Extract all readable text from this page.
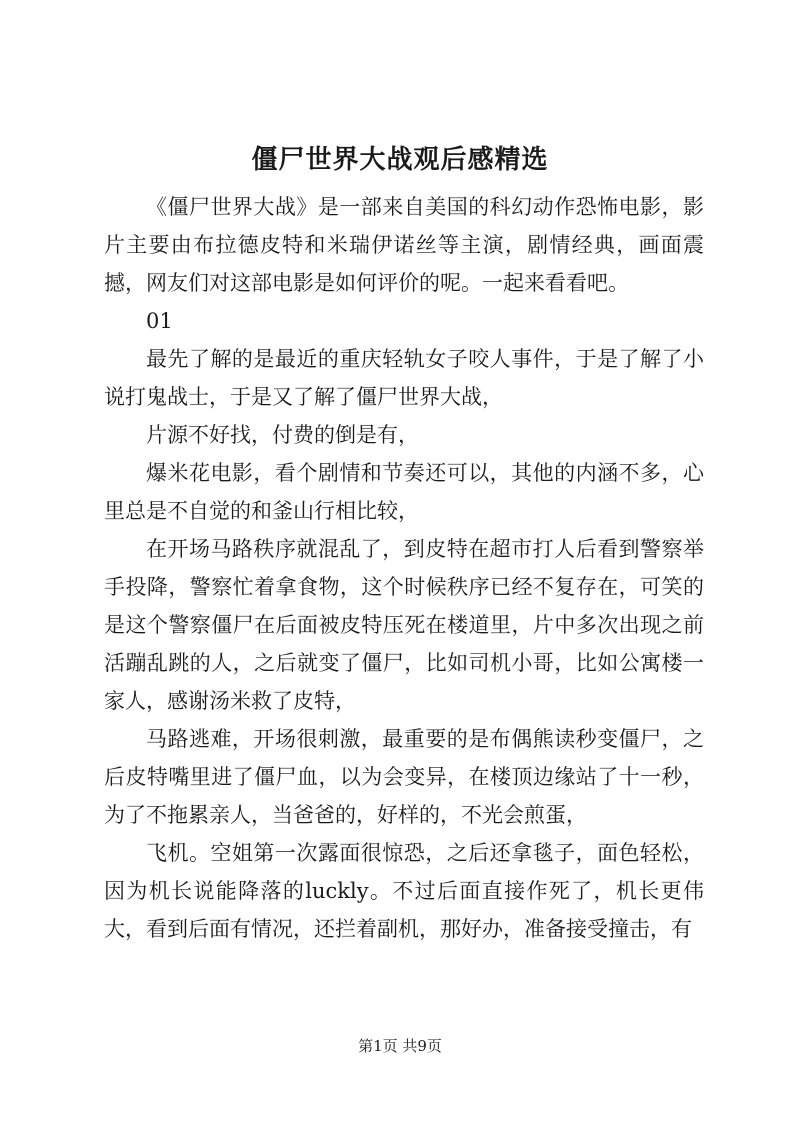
僵尸世界大战观后感精选

《僵尸世界大战》是一部来自美国的科幻动作恐怖电影，影片主要由布拉德皮特和米瑞伊诺丝等主演，剧情经典，画面震撼，网友们对这部电影是如何评价的呢。一起来看看吧。

01

最先了解的是最近的重庆轻轨女子咬人事件，于是了解了小说打鬼战士，于是又了解了僵尸世界大战，

片源不好找，付费的倒是有，

爆米花电影，看个剧情和节奏还可以，其他的内涵不多，心里总是不自觉的和釜山行相比较，

在开场马路秩序就混乱了，到皮特在超市打人后看到警察举手投降，警察忙着拿食物，这个时候秩序已经不复存在，可笑的是这个警察僵尸在后面被皮特压死在楼道里，片中多次出现之前活蹦乱跳的人，之后就变了僵尸，比如司机小哥，比如公寓楼一家人，感谢汤米救了皮特，

马路逃难，开场很刺激，最重要的是布偶熊读秒变僵尸，之后皮特嘴里进了僵尸血，以为会变异，在楼顶边缘站了十一秒，为了不拖累亲人，当爸爸的，好样的，不光会煎蛋，

飞机。空姐第一次露面很惊恐，之后还拿毯子，面色轻松，因为机长说能降落的luckly。不过后面直接作死了，机长更伟大，看到后面有情况，还拦着副机，那好办，准备接受撞击，有

第1页 共9页
